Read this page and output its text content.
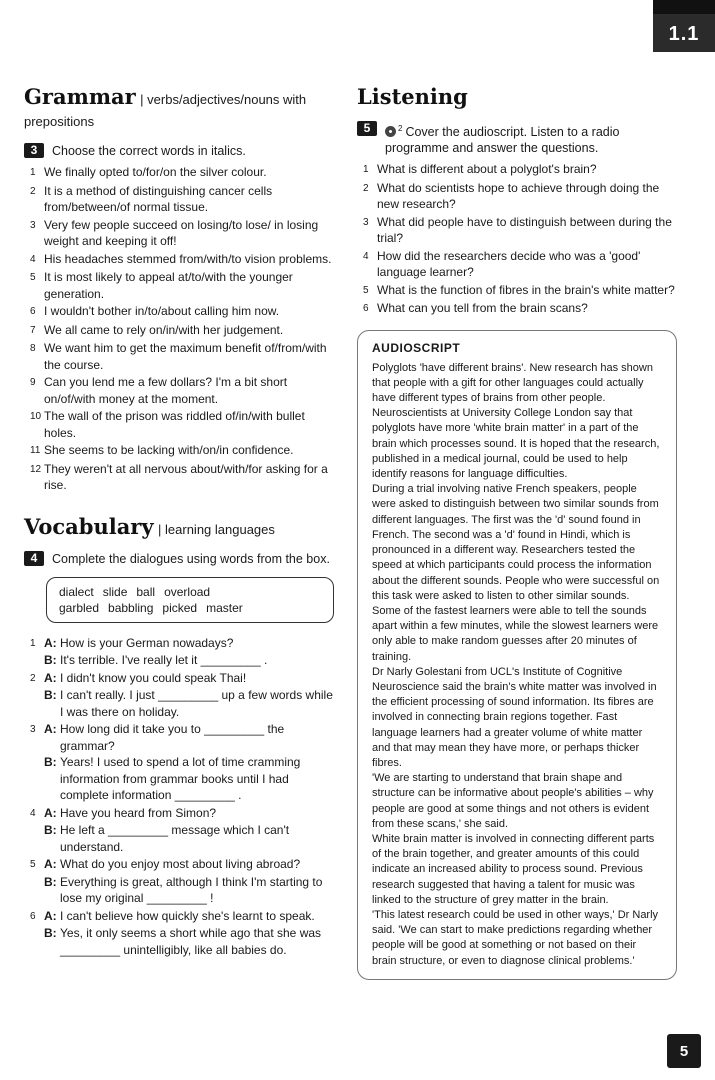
1.1
Grammar | verbs/adjectives/nouns with prepositions
3	Choose the correct words in italics.
1 We finally opted to/for/on the silver colour.
2 It is a method of distinguishing cancer cells from/between/of normal tissue.
3 Very few people succeed on losing/to lose/ in losing weight and keeping it off!
4 His headaches stemmed from/with/to vision problems.
5 It is most likely to appeal at/to/with the younger generation.
6 I wouldn't bother in/to/about calling him now.
7 We all came to rely on/in/with her judgement.
8 We want him to get the maximum benefit of/from/with the course.
9 Can you lend me a few dollars? I'm a bit short on/of/with money at the moment.
10 The wall of the prison was riddled of/in/with bullet holes.
11 She seems to be lacking with/on/in confidence.
12 They weren't at all nervous about/with/for asking for a rise.
Vocabulary | learning languages
4	Complete the dialogues using words from the box.
dialect slide ball overload
garbled babbling picked master
1 A: How is your German nowadays?
B: It's terrible. I've really let it _________ .
2 A: I didn't know you could speak Thai!
B: I can't really. I just _________ up a few words while I was there on holiday.
3 A: How long did it take you to _________ the grammar?
B: Years! I used to spend a lot of time cramming information from grammar books until I had complete information _________ .
4 A: Have you heard from Simon?
B: He left a _________ message which I can't understand.
5 A: What do you enjoy most about living abroad?
B: Everything is great, although I think I'm starting to lose my original _________ !
6 A: I can't believe how quickly she's learnt to speak.
B: Yes, it only seems a short while ago that she was _________ unintelligibly, like all babies do.
Listening
5	$^2$ Cover the audioscript. Listen to a radio programme and answer the questions.
1 What is different about a polyglot's brain?
2 What do scientists hope to achieve through doing the new research?
3 What did people have to distinguish between during the trial?
4 How did the researchers decide who was a 'good' language learner?
5 What is the function of fibres in the brain's white matter?
6 What can you tell from the brain scans?
AUDIOSCRIPT

Polyglots 'have different brains'. New research has shown that people with a gift for other languages could actually have different types of brains from other people. Neuroscientists at University College London say that polyglots have more 'white brain matter' in a part of the brain which processes sound. It is hoped that the research, published in a medical journal, could be used to help identify reasons for language difficulties.

During a trial involving native French speakers, people were asked to distinguish between two similar sounds from different languages. The first was the 'd' sound found in French. The second was a 'd' found in Hindi, which is pronounced in a different way. Researchers tested the speed at which participants could process the information about the different sounds. People who were successful on this task were asked to listen to other similar sounds.

Some of the fastest learners were able to tell the sounds apart within a few minutes, while the slowest learners were only able to make random guesses after 20 minutes of training.

Dr Narly Golestani from UCL's Institute of Cognitive Neuroscience said the brain's white matter was involved in the efficient processing of sound information. Its fibres are involved in connecting brain regions together. Fast language learners had a greater volume of white matter and that may mean they have more, or perhaps thicker fibres.

'We are starting to understand that brain shape and structure can be informative about people's abilities – why people are good at some things and not others is evident from these scans,' she said.

White brain matter is involved in connecting different parts of the brain together, and greater amounts of this could indicate an increased ability to process sound. Previous research suggested that having a talent for music was linked to the structure of grey matter in the brain.

'This latest research could be used in other ways,' Dr Narly said. 'We can start to make predictions regarding whether people will be good at something or not based on their brain structure, or even to diagnose clinical problems.'

5
